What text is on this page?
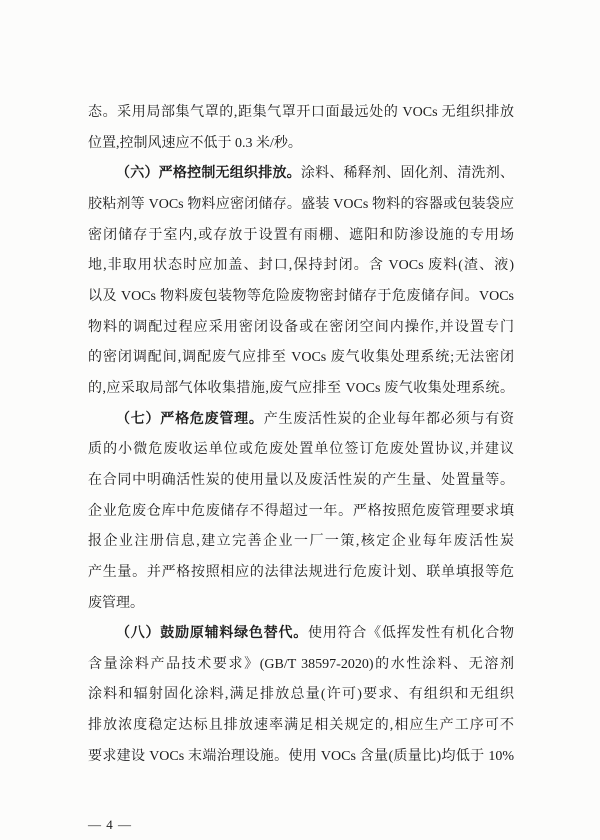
态。采用局部集气罩的,距集气罩开口面最远处的 VOCs 无组织排放
位置,控制风速应不低于 0.3 米/秒。
（六）严格控制无组织排放。涂料、稀释剂、固化剂、清洗剂、
胶粘剂等 VOCs 物料应密闭储存。盛装 VOCs 物料的容器或包装袋应
密闭储存于室内,或存放于设置有雨棚、遮阳和防渗设施的专用场
地,非取用状态时应加盖、封口,保持封闭。含 VOCs 废料(渣、液)
以及 VOCs 物料废包装物等危险废物密封储存于危废储存间。VOCs
物料的调配过程应采用密闭设备或在密闭空间内操作,并设置专门
的密闭调配间,调配废气应排至 VOCs 废气收集处理系统;无法密闭
的,应采取局部气体收集措施,废气应排至 VOCs 废气收集处理系统。
（七）严格危废管理。产生废活性炭的企业每年都必须与有资
质的小微危废收运单位或危废处置单位签订危废处置协议,并建议
在合同中明确活性炭的使用量以及废活性炭的产生量、处置量等。
企业危废仓库中危废储存不得超过一年。严格按照危废管理要求填
报企业注册信息,建立完善企业一厂一策,核定企业每年废活性炭
产生量。并严格按照相应的法律法规进行危废计划、联单填报等危
废管理。
（八）鼓励原辅料绿色替代。使用符合《低挥发性有机化合物
含量涂料产品技术要求》(GB/T 38597-2020)的水性涂料、无溶剂
涂料和辐射固化涂料,满足排放总量(许可)要求、有组织和无组织
排放浓度稳定达标且排放速率满足相关规定的,相应生产工序可不
要求建设 VOCs 末端治理设施。使用 VOCs 含量(质量比)均低于 10%
— 4 —
